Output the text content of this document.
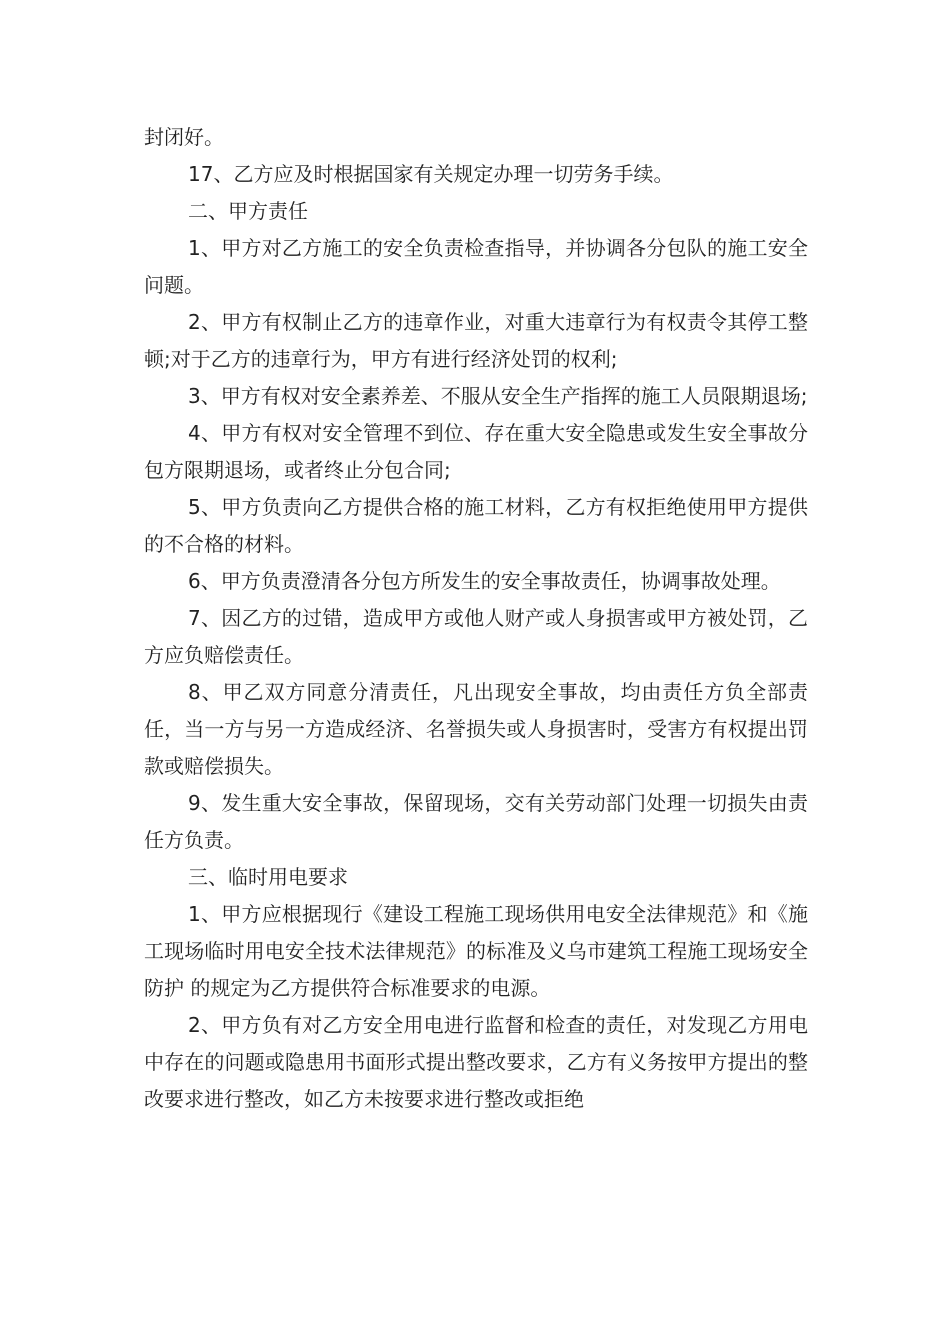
封闭好。

17、乙方应及时根据国家有关规定办理一切劳务手续。

二、甲方责任

1、甲方对乙方施工的安全负责检查指导，并协调各分包队的施工安全问题。

2、甲方有权制止乙方的违章作业，对重大违章行为有权责令其停工整顿;对于乙方的违章行为，甲方有进行经济处罚的权利;

3、甲方有权对安全素养差、不服从安全生产指挥的施工人员限期退场;

4、甲方有权对安全管理不到位、存在重大安全隐患或发生安全事故分包方限期退场，或者终止分包合同;

5、甲方负责向乙方提供合格的施工材料，乙方有权拒绝使用甲方提供的不合格的材料。

6、甲方负责澄清各分包方所发生的安全事故责任，协调事故处理。

7、因乙方的过错，造成甲方或他人财产或人身损害或甲方被处罚，乙方应负赔偿责任。

8、甲乙双方同意分清责任，凡出现安全事故，均由责任方负全部责任，当一方与另一方造成经济、名誉损失或人身损害时，受害方有权提出罚款或赔偿损失。

9、发生重大安全事故，保留现场，交有关劳动部门处理一切损失由责任方负责。

三、临时用电要求

1、甲方应根据现行《建设工程施工现场供用电安全法律规范》和《施工现场临时用电安全技术法律规范》的标准及义乌市建筑工程施工现场安全防护 的规定为乙方提供符合标准要求的电源。

2、甲方负有对乙方安全用电进行监督和检查的责任，对发现乙方用电中存在的问题或隐患用书面形式提出整改要求，乙方有义务按甲方提出的整改要求进行整改，如乙方未按要求进行整改或拒绝
